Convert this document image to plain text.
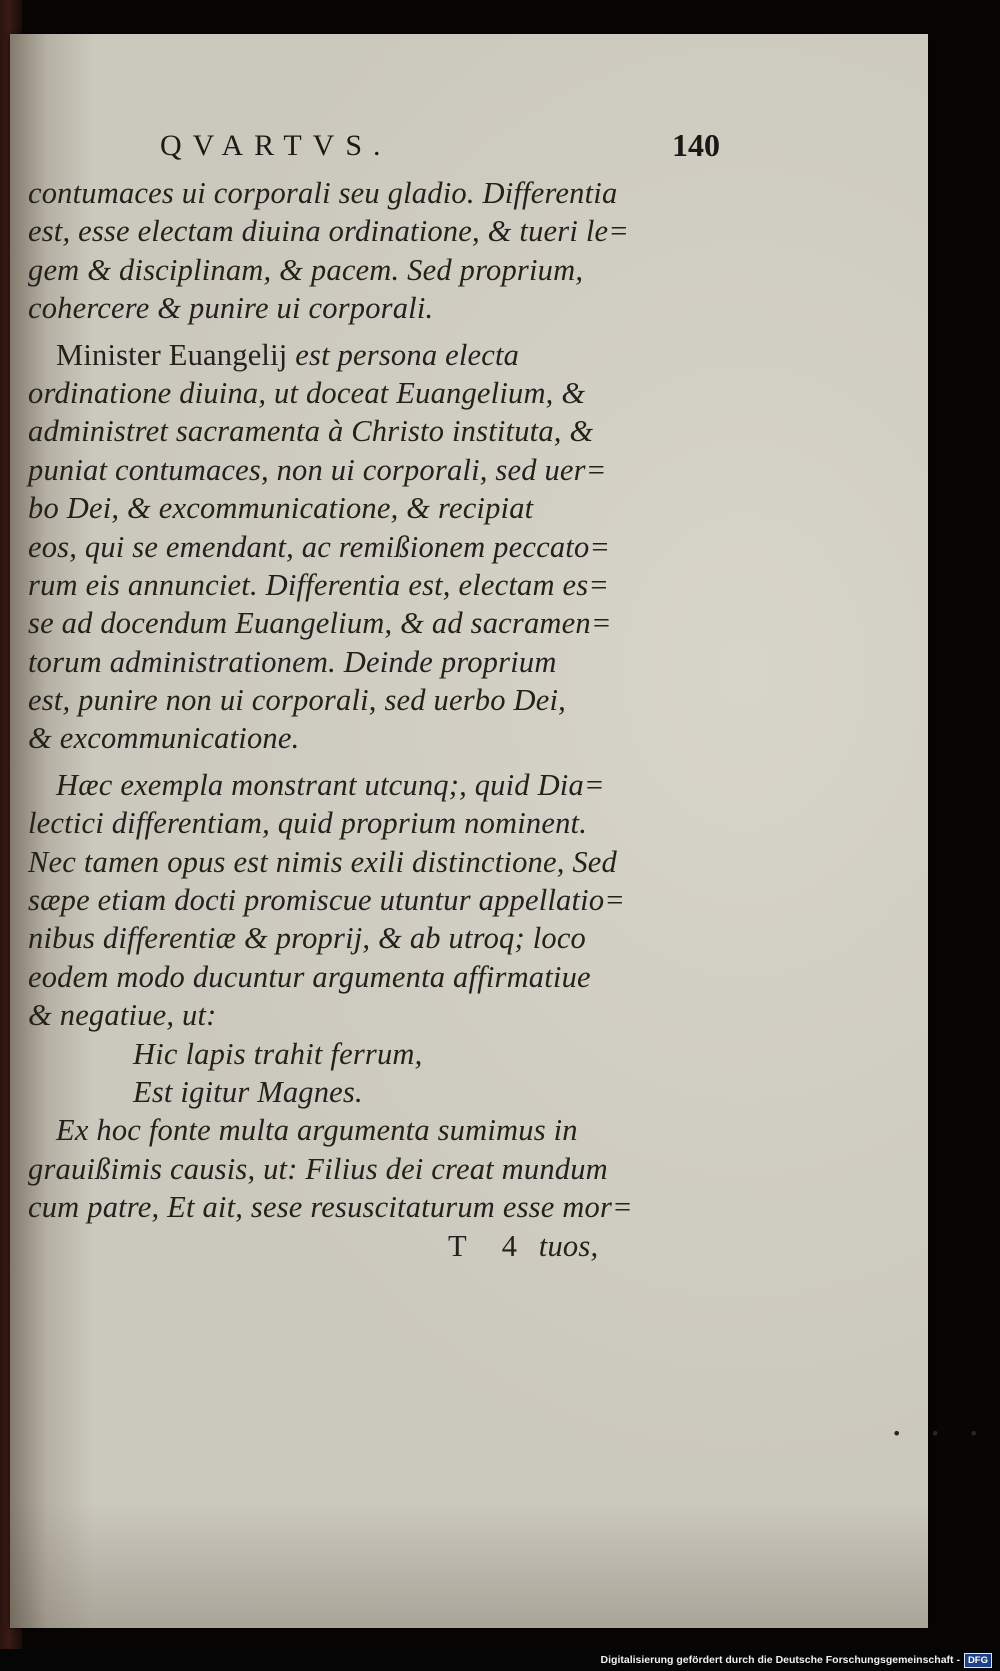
QVARTVS.	140
contumaces ui corporali seu gladio. Differentia
est, esse electam diuina ordinatione, & tueri le=
gem & disciplinam, & pacem. Sed proprium,
cohercere & punire ui corporali.
Minister Euangelij est persona electa
ordinatione diuina, ut doceat Euangelium, &
administret sacramenta à Christo instituta, &
puniat contumaces, non ui corporali, sed uer=
bo Dei, & excommunicatione, & recipiat
eos, qui se emendant, ac remißionem peccato=
rum eis annunciet. Differentia est, electam es=
se ad docendum Euangelium, & ad sacramen=
torum administrationem. Deinde proprium
est, punire non ui corporali, sed uerbo Dei,
& excommunicatione.
Hæc exempla monstrant utcunq;, quid Dia=
lectici differentiam, quid proprium nominent.
Nec tamen opus est nimis exili distinctione, Sed
sæpe etiam docti promiscue utuntur appellatio=
nibus differentiæ & proprij, & ab utroq; loco
eodem modo ducuntur argumenta affirmatiue
& negatiue, ut:
Hic lapis trahit ferrum,
Est igitur Magnes.
Ex hoc fonte multa argumenta sumimus in
grauißimis causis, ut: Filius dei creat mundum
cum patre, Et ait, sese resuscitaturum esse mor=
T 4 tuos,
• • •
Digitalisierung gefördert durch die Deutsche Forschungsgemeinschaft - DFG
